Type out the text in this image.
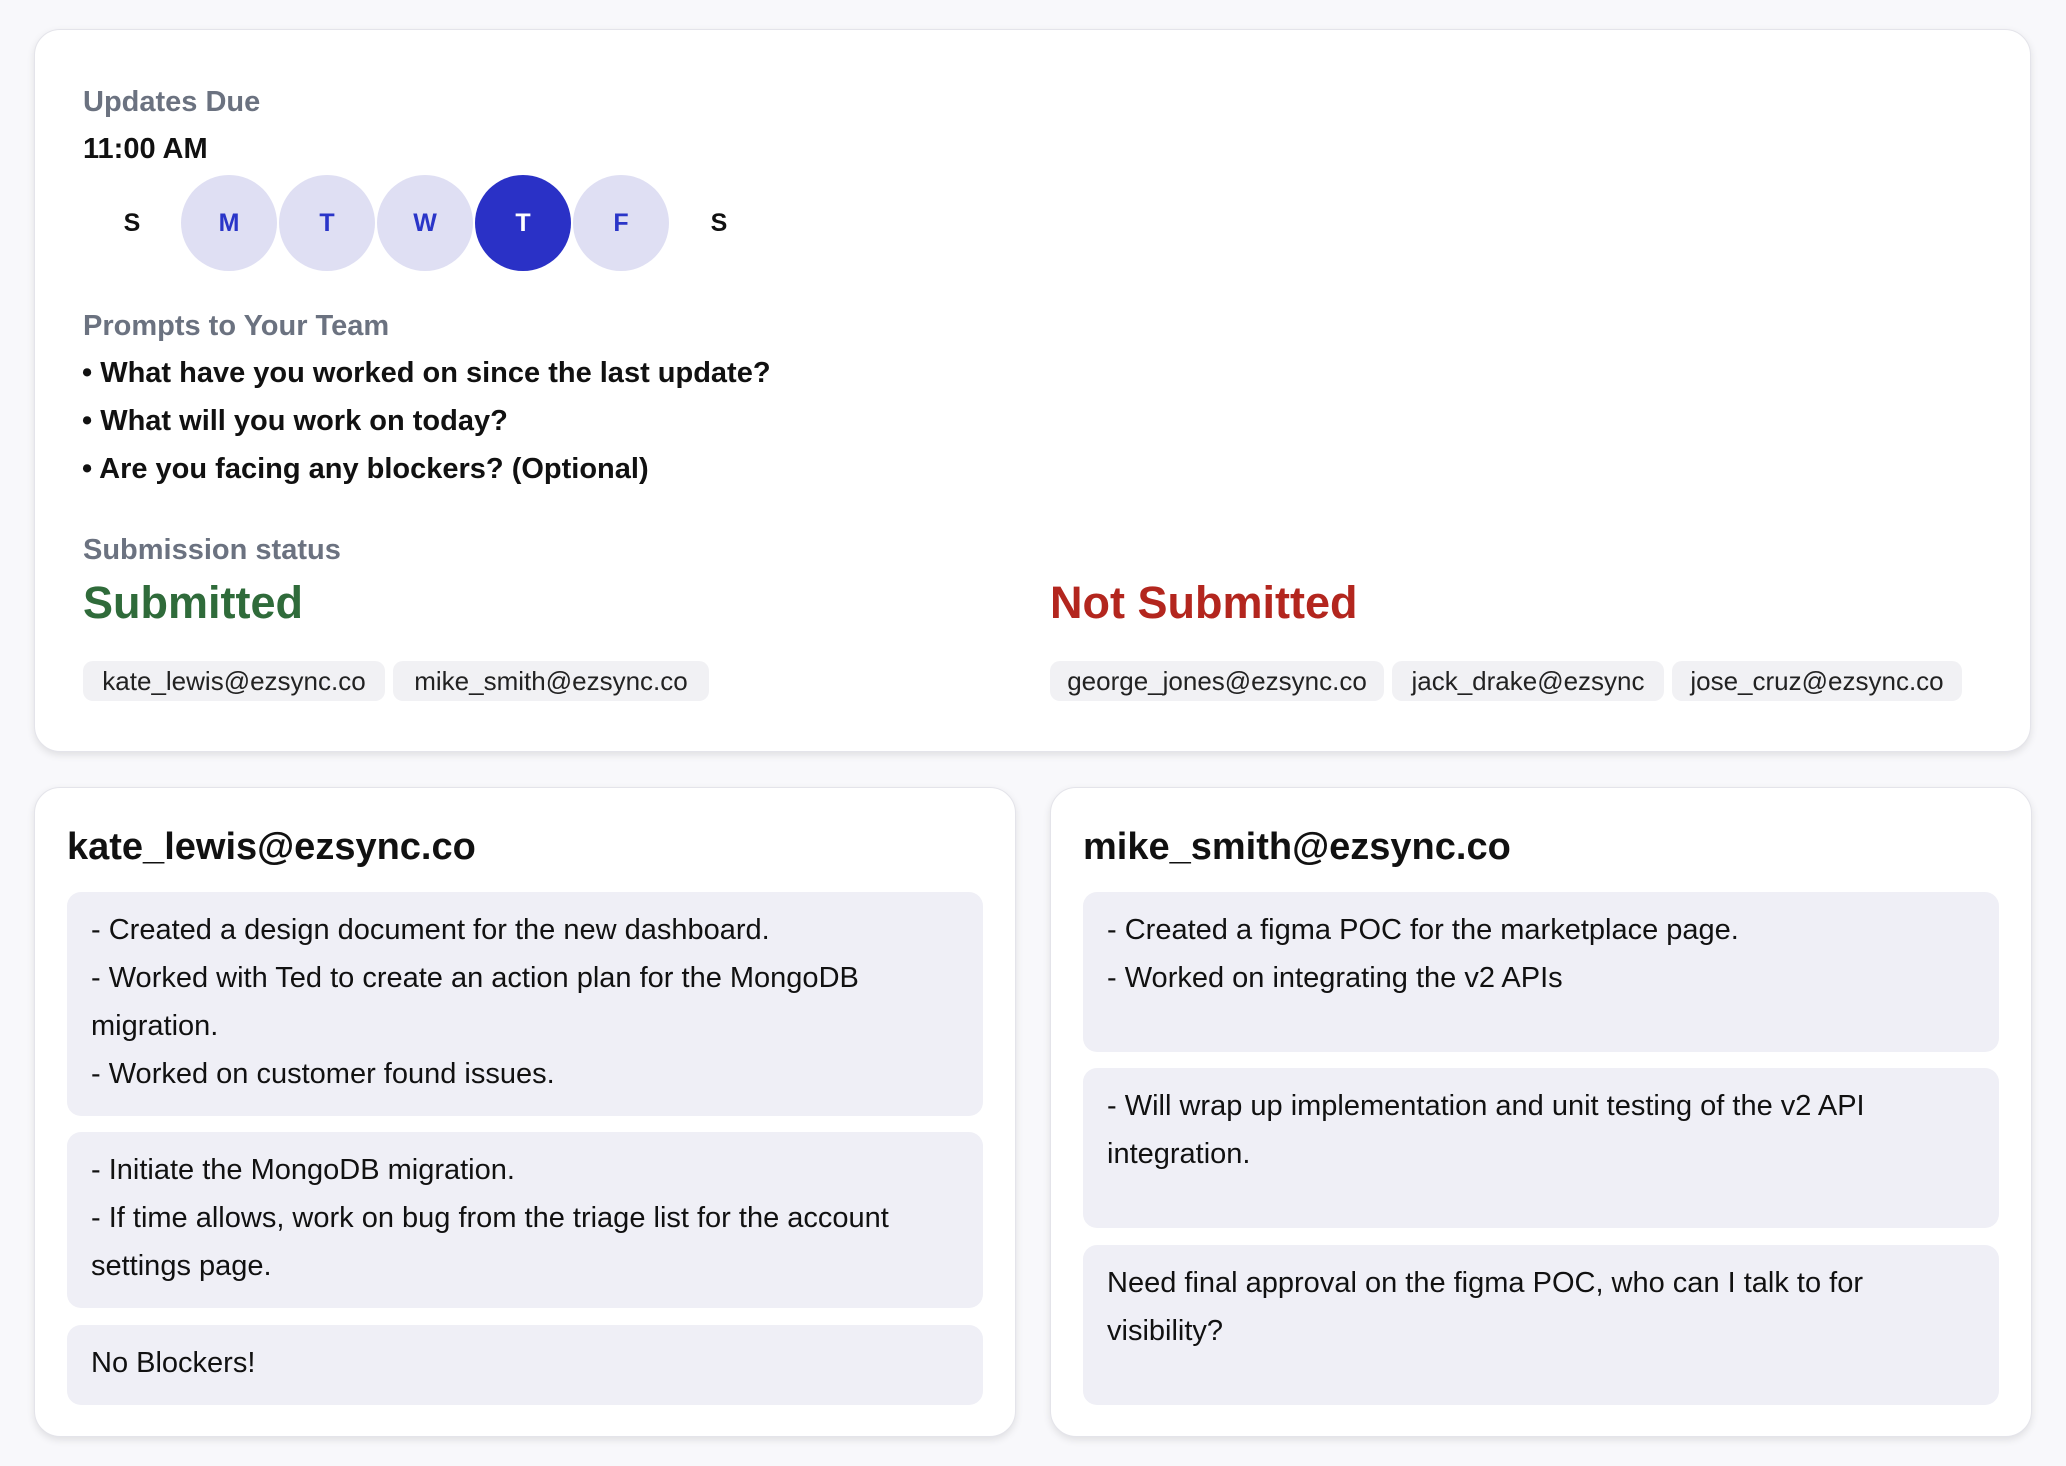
Updates Due
11:00 AM
S	M	T	W	T	F	S
Prompts to Your Team
• What have you worked on since the last update?
• What will you work on today?
• Are you facing any blockers? (Optional)
Submission status
Submitted	Not Submitted
kate_lewis@ezsync.co	mike_smith@ezsync.co	george_jones@ezsync.co	jack_drake@ezsync	jose_cruz@ezsync.co
kate_lewis@ezsync.co
- Created a design document for the new dashboard.
- Worked with Ted to create an action plan for the MongoDB
migration.
- Worked on customer found issues.
- Initiate the MongoDB migration.
- If time allows, work on bug from the triage list for the account
settings page.
No Blockers!
mike_smith@ezsync.co
- Created a figma POC for the marketplace page.
- Worked on integrating the v2 APIs
- Will wrap up implementation and unit testing of the v2 API
integration.
Need final approval on the figma POC, who can I talk to for
visibility?
